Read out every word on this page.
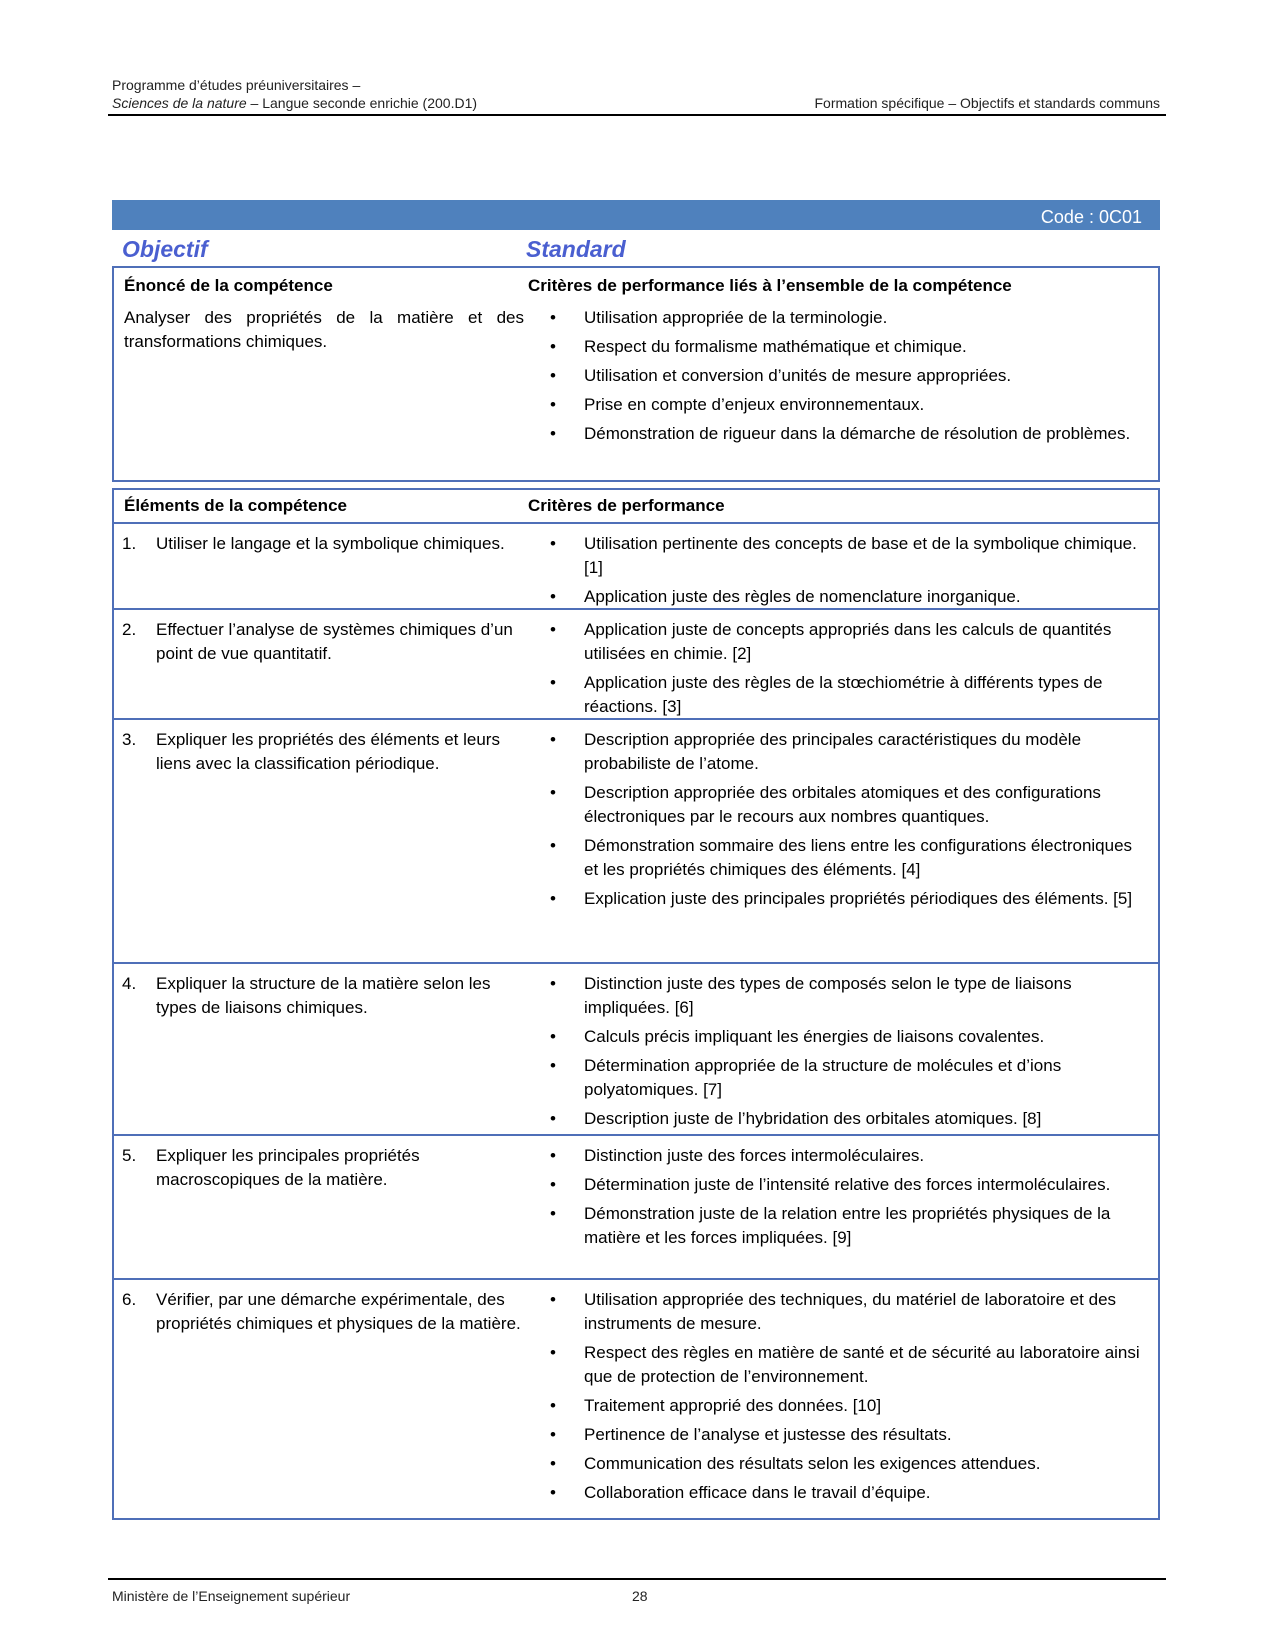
Programme d’études préuniversitaires –
Sciences de la nature – Langue seconde enrichie (200.D1)	Formation spécifique – Objectifs et standards communs
Code : 0C01
Objectif	Standard
Énoncé de la compétence	Critères de performance liés à l’ensemble de la compétence
Analyser des propriétés de la matière et des transformations chimiques.
• Utilisation appropriée de la terminologie.
• Respect du formalisme mathématique et chimique.
• Utilisation et conversion d’unités de mesure appropriées.
• Prise en compte d’enjeux environnementaux.
• Démonstration de rigueur dans la démarche de résolution de problèmes.
Éléments de la compétence	Critères de performance
1.	Utiliser le langage et la symbolique chimiques.
•	Utilisation pertinente des concepts de base et de la symbolique chimique. [1]
• Application juste des règles de nomenclature inorganique.
2.	Effectuer l’analyse de systèmes chimiques d’un point de vue quantitatif.
• Application juste de concepts appropriés dans les calculs de quantités utilisées en chimie. [2]
• Application juste des règles de la stœchiométrie à différents types de réactions. [3]
3.	Expliquer les propriétés des éléments et leurs liens avec la classification périodique.
• Description appropriée des principales caractéristiques du modèle probabiliste de l’atome.
• Description appropriée des orbitales atomiques et des configurations électroniques par le recours aux nombres quantiques.
• Démonstration sommaire des liens entre les configurations électroniques et les propriétés chimiques des éléments. [4]
• Explication juste des principales propriétés périodiques des éléments. [5]
4.	Expliquer la structure de la matière selon les types de liaisons chimiques.
• Distinction juste des types de composés selon le type de liaisons impliquées. [6]
• Calculs précis impliquant les énergies de liaisons covalentes.
• Détermination appropriée de la structure de molécules et d’ions polyatomiques. [7]
• Description juste de l’hybridation des orbitales atomiques. [8]
5.	Expliquer les principales propriétés macroscopiques de la matière.
• Distinction juste des forces intermoléculaires.
• Détermination juste de l’intensité relative des forces intermoléculaires.
• Démonstration juste de la relation entre les propriétés physiques de la matière et les forces impliquées. [9]
6.	Vérifier, par une démarche expérimentale, des propriétés chimiques et physiques de la matière.
• Utilisation appropriée des techniques, du matériel de laboratoire et des instruments de mesure.
• Respect des règles en matière de santé et de sécurité au laboratoire ainsi que de protection de l’environnement.
• Traitement approprié des données. [10]
• Pertinence de l’analyse et justesse des résultats.
• Communication des résultats selon les exigences attendues.
• Collaboration efficace dans le travail d’équipe.
Ministère de l’Enseignement supérieur	28
